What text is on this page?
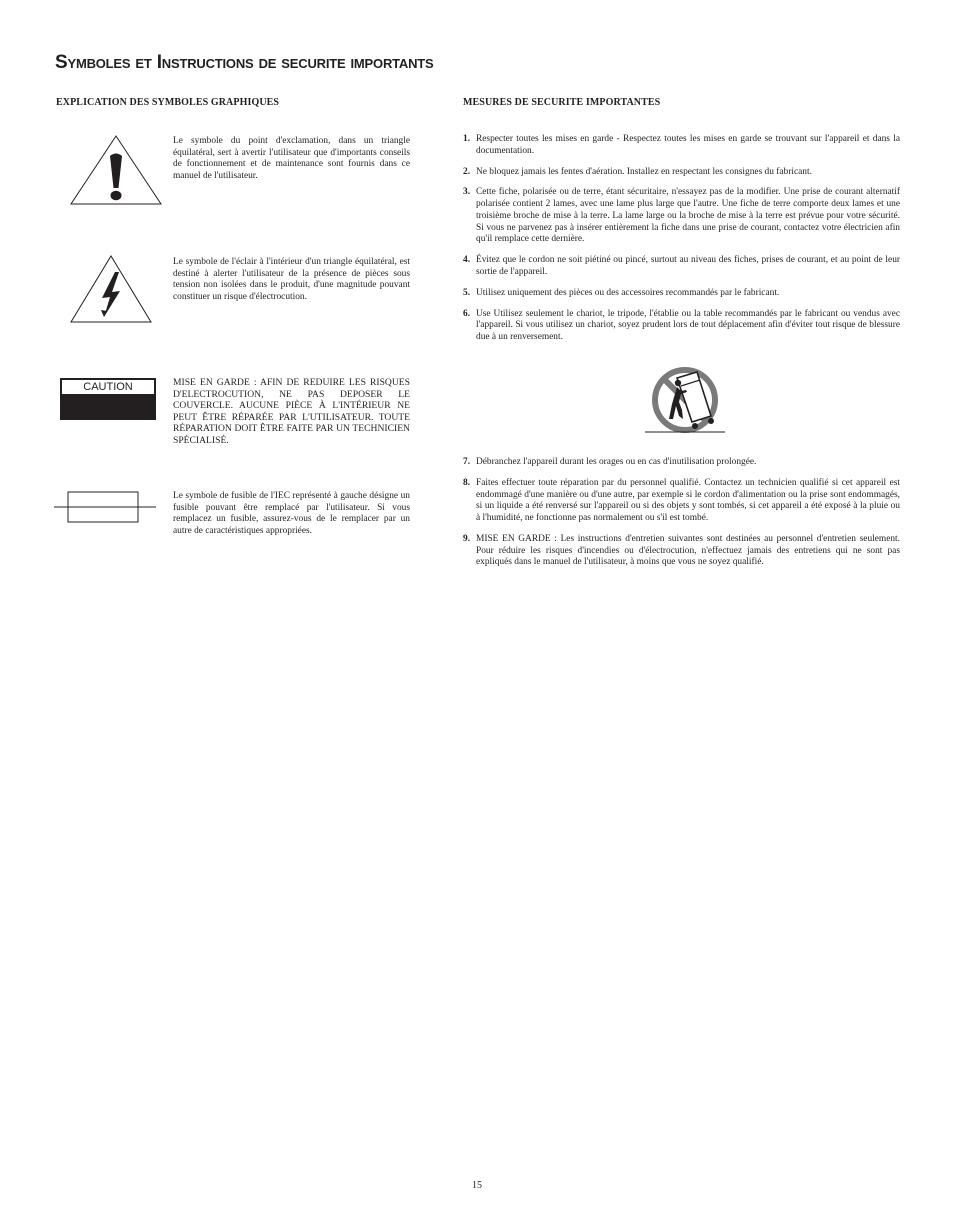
Symboles et Instructions de securite importants
EXPLICATION DES SYMBOLES GRAPHIQUES	MESURES DE SECURITE IMPORTANTES

Le symbole du point d'exclamation, dans un triangle équilatéral, sert à avertir l'utilisateur que d'importants conseils de fonctionnement et de maintenance sont fournis dans ce manuel de l'utilisateur.

Le symbole de l'éclair à l'intérieur d'un triangle équilatéral, est destiné à alerter l'utilisateur de la présence de pièces sous tension non isolées dans le produit, d'une magnitude pouvant constituer un risque d'électrocution.

CAUTION	MISE EN GARDE : AFIN DE REDUIRE LES RISQUES D'ELECTROCUTION, NE PAS DEPOSER LE COUVERCLE. AUCUNE PIÈCE À L'INTÉRIEUR NE PEUT ÊTRE RÉPARÉE PAR L'UTILISATEUR. TOUTE RÉPARATION DOIT ÊTRE FAITE PAR UN TECHNICIEN SPÉCIALISÉ.

Le symbole de fusible de l'IEC représenté à gauche désigne un fusible pouvant être remplacé par l'utilisateur. Si vous remplacez un fusible, assurez-vous de le remplacer par un autre de caractéristiques appropriées.

1. Respecter toutes les mises en garde - Respectez toutes les mises en garde se trouvant sur l'appareil et dans la documentation.
2. Ne bloquez jamais les fentes d'aération. Installez en respectant les consignes du fabricant.
3. Cette fiche, polarisée ou de terre, étant sécuritaire, n'essayez pas de la modifier. Une prise de courant alternatif polarisée contient 2 lames, avec une lame plus large que l'autre. Une fiche de terre comporte deux lames et une troisième broche de mise à la terre. La lame large ou la broche de mise à la terre est prévue pour votre sécurité. Si vous ne parvenez pas à insérer entièrement la fiche dans une prise de courant, contactez votre électricien afin qu'il remplace cette dernière.
4. Évitez que le cordon ne soit piétiné ou pincé, surtout au niveau des fiches, prises de courant, et au point de leur sortie de l'appareil.
5. Utilisez uniquement des pièces ou des accessoires recommandés par le fabricant.
6. Use Utilisez seulement le chariot, le tripode, l'établie ou la table recommandés par le fabricant ou vendus avec l'appareil. Si vous utilisez un chariot, soyez prudent lors de tout déplacement afin d'éviter tout risque de blessure due à un renversement.
7. Débranchez l'appareil durant les orages ou en cas d'inutilisation prolongée.
8. Faites effectuer toute réparation par du personnel qualifié. Contactez un technicien qualifié si cet appareil est endommagé d'une manière ou d'une autre, par exemple si le cordon d'alimentation ou la prise sont endommagés, si un liquide a été renversé sur l'appareil ou si des objets y sont tombés, si cet appareil a été exposé à la pluie ou à l'humidité, ne fonctionne pas normalement ou s'il est tombé.
9. MISE EN GARDE : Les instructions d'entretien suivantes sont destinées au personnel d'entretien seulement. Pour réduire les risques d'incendies ou d'électrocution, n'effectuez jamais des entretiens qui ne sont pas expliqués dans le manuel de l'utilisateur, à moins que vous ne soyez qualifié.
15
